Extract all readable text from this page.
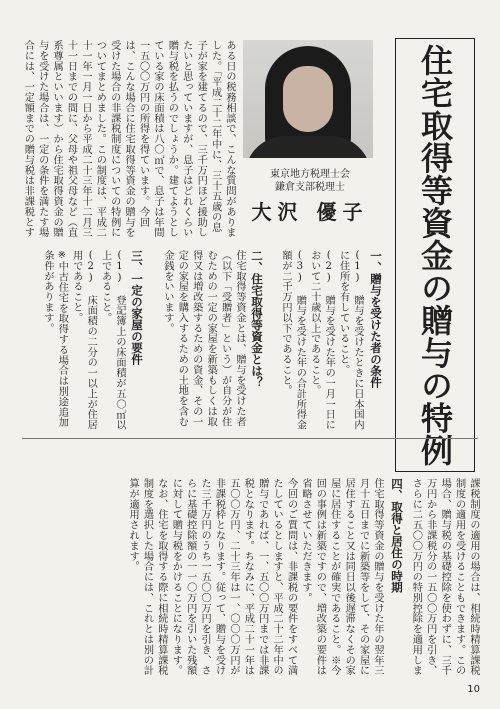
住宅取得等資金の贈与の特例
東京地方税理士会
鎌倉支部税理士
大沢 優子
ある日の税務相談で、こんな質問がありました。「平成二十二年中に、三十五歳の息子が家を建てるので、三千万円ほど援助したいと思っていますが、息子はどれくらい贈与税を払うのでしょうか。建てようとしている家の床面積は八〇㎡で、息子は年間一五〇〇万円の所得を得ています。今回は、こんな場合に住宅取得等資金の贈与を受けた場合の非課税制度についての特例についてまとめました。この制度は、平成二十一年一月一日から平成二十三年十二月三十一日までの間に、父母や祖父母など（直系尊属といいます）から住宅取得資金の贈与を受けた場合は、一定の条件を満たす場合には、一定額までの贈与税は非課税とす
一、贈与を受けた者の条件
(1) 贈与を受けたときに日本国内に住所を有していること。
(2) 贈与を受けた年の一月一日において二十歳以上であること。
(3) 贈与を受けた年の合計所得金額が二千万円以下であること。
二、住宅取得等資金とは？
住宅取得等資金とは、贈与を受けた者（以下「受贈者」という）が自分が住むための一定の家屋を新築もしくは取得又は増改築するための資金、その一定の家屋を購入するための土地を含む金銭をいいます。
三、一定の家屋の要件
(1) 登記簿上の床面積が五〇㎡以上であること。
(2) 床面積の二分の一以上が住居用であること。
※中古住宅を取得する場合は別途追加条件があります。
四、取得と居住の時期
住宅取得等資金の贈与を受けた年の翌年三月十五日までに新築等をして、その家屋に居住すること又は同日以後遅滞なくその家屋に居住することが確実であること。※今回の事例は新築ですので、増改築の要件は省略させていただきます。
今回のご質問は、非課税の要件をすべて満たしているとしますと、平成二十二年中の贈与であれば、一、五〇〇万円までは非課税となります。ちなみに、平成二十一年は五〇〇万円、二十三年は一、〇〇〇万円が非課税枠となります。従って、贈与を受けた三千万円のうち一五〇〇万円を引き、さらに基礎控除額の一一〇万円を引いた残額に対して贈与税をかけることになります。なお、住宅を取得する際に相続時精算課税制度を選択した場合には、これとは別の計算が適用されます。	課税制度の適用の場合は、相続時精算課税制度の適用を受けることもできます。この場合、贈与税の基礎控除を使わずに、三千万円から非課税分の一五〇〇万円を引き、さらに二五〇〇万円の特別控除を適用しま
10
